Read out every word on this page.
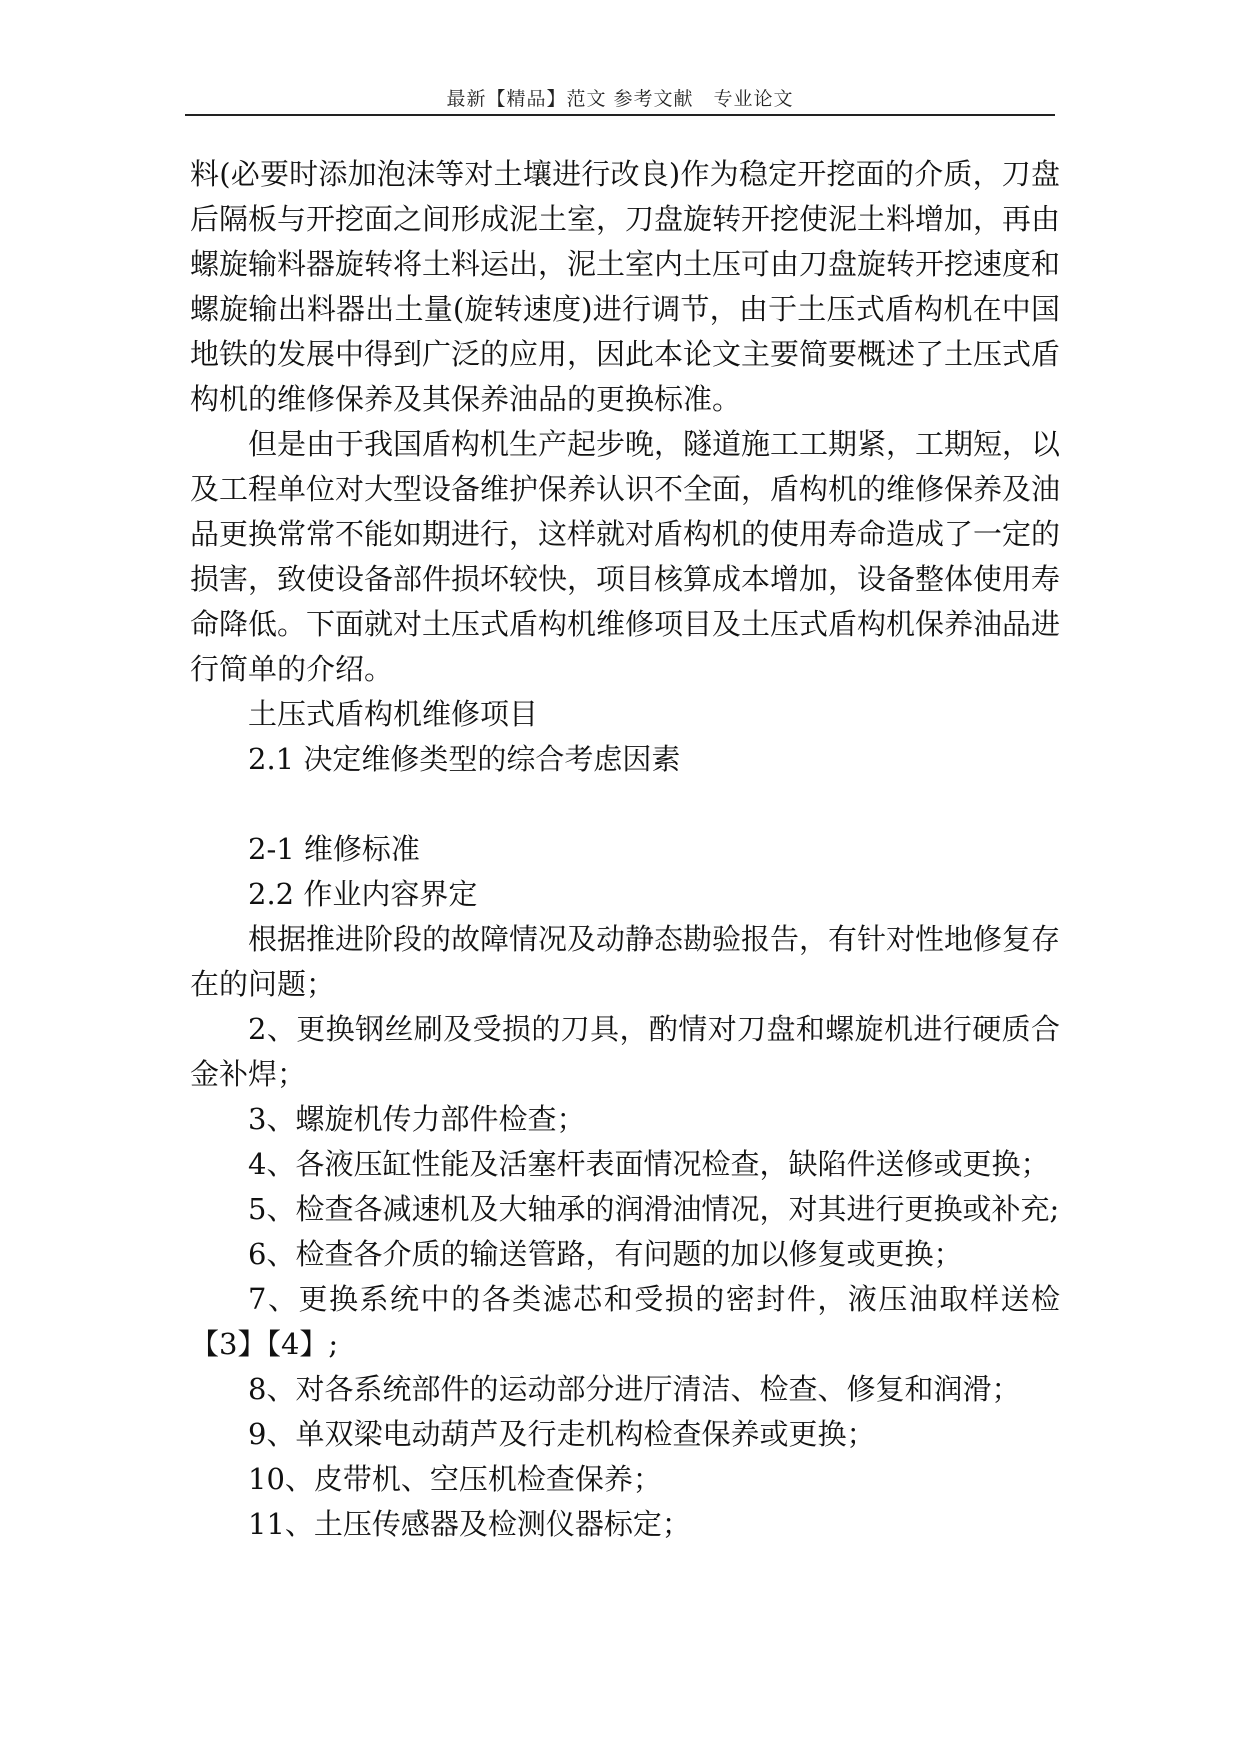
最新【精品】范文 参考文献　专业论文

料(必要时添加泡沫等对土壤进行改良)作为稳定开挖面的介质，刀盘后隔板与开挖面之间形成泥土室，刀盘旋转开挖使泥土料增加，再由螺旋输料器旋转将土料运出，泥土室内土压可由刀盘旋转开挖速度和螺旋输出料器出土量(旋转速度)进行调节，由于土压式盾构机在中国地铁的发展中得到广泛的应用，因此本论文主要简要概述了土压式盾构机的维修保养及其保养油品的更换标准。

但是由于我国盾构机生产起步晚，隧道施工工期紧，工期短，以及工程单位对大型设备维护保养认识不全面，盾构机的维修保养及油品更换常常不能如期进行，这样就对盾构机的使用寿命造成了一定的损害，致使设备部件损坏较快，项目核算成本增加，设备整体使用寿命降低。下面就对土压式盾构机维修项目及土压式盾构机保养油品进行简单的介绍。

土压式盾构机维修项目

2.1 决定维修类型的综合考虑因素

2-1 维修标准

2.2 作业内容界定

根据推进阶段的故障情况及动静态勘验报告，有针对性地修复存在的问题；

2、更换钢丝刷及受损的刀具，酌情对刀盘和螺旋机进行硬质合金补焊；

3、螺旋机传力部件检查；

4、各液压缸性能及活塞杆表面情况检查，缺陷件送修或更换；

5、检查各减速机及大轴承的润滑油情况，对其进行更换或补充;

6、检查各介质的输送管路，有问题的加以修复或更换；

7、更换系统中的各类滤芯和受损的密封件，液压油取样送检【3】【4】;

8、对各系统部件的运动部分进厅清洁、检查、修复和润滑；

9、单双梁电动葫芦及行走机构检查保养或更换；

10、皮带机、空压机检查保养；

11、土压传感器及检测仪器标定；
